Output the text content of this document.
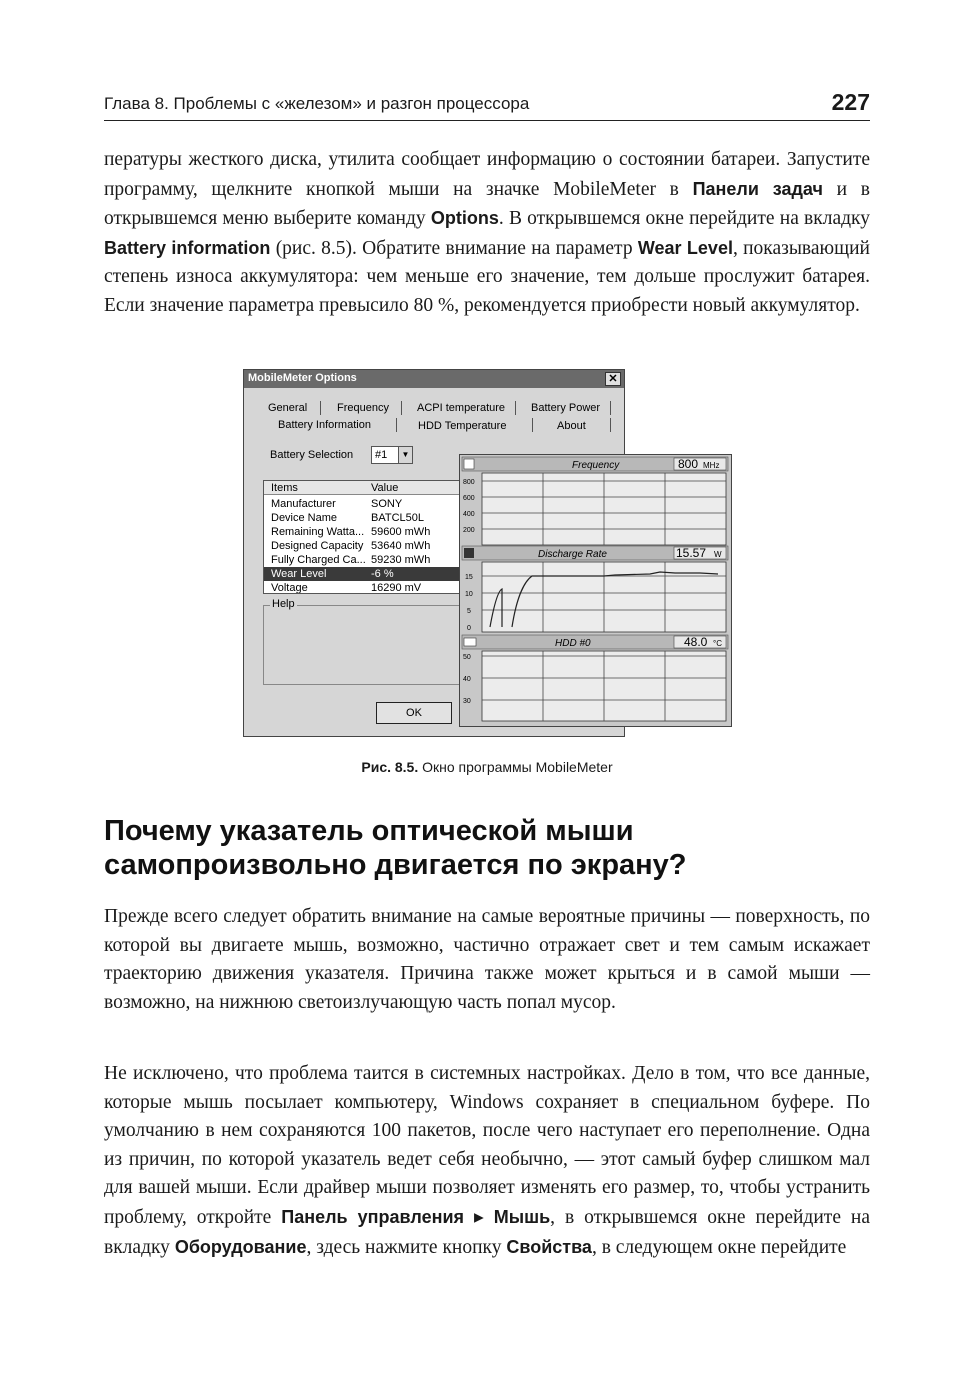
Глава 8. Проблемы с «железом» и разгон процессора	227

пературы жесткого диска, утилита сообщает информацию о состоянии батареи. Запустите программу, щелкните кнопкой мыши на значке MobileMeter в Панели задач и в открывшемся меню выберите команду Options. В открывшемся окне перейдите на вкладку Battery information (рис. 8.5). Обратите внимание на параметр Wear Level, показывающий степень износа аккумулятора: чем меньше его значение, тем дольше прослужит батарея. Если значение параметра превысило 80 %, рекомендуется приобрести новый аккумулятор.

MobileMeter Options	✕
General	Frequency	ACPI temperature Battery Power
Battery Information	HDD Temperature	About
Battery Selection #1	▼
Items	Value
Manufacturer	SONY
Device Name	BATCL50L
Remaining Watta... 59600 mWh
Designed Capacity 53640 mWh
Fully Charged Ca... 59230 mWh
Wear Level	-6 %
Voltage	16290 mV
Help
OK
Frequency	800 MHz
800
600
400
200
Discharge Rate	15.57 W
15
10
5
0
HDD #0	48.0 °C
50
40
30
Рис. 8.5. Окно программы MobileMeter
Почему указатель оптической мыши самопроизвольно двигается по экрану?

Прежде всего следует обратить внимание на самые вероятные причины — поверхность, по которой вы двигаете мышь, возможно, частично отражает свет и тем самым искажает траекторию движения указателя. Причина также может крыться и в самой мыши — возможно, на нижнюю светоизлучающую часть попал мусор.

Не исключено, что проблема таится в системных настройках. Дело в том, что все данные, которые мышь посылает компьютеру, Windows сохраняет в специальном буфере. По умолчанию в нем сохраняются 100 пакетов, после чего наступает его переполнение. Одна из причин, по которой указатель ведет себя необычно, — этот самый буфер слишком мал для вашей мыши. Если драйвер мыши позволяет изменять его размер, то, чтобы устранить проблему, откройте Панель управления ▸ Мышь, в открывшемся окне перейдите на вкладку Оборудование, здесь нажмите кнопку Свойства, в следующем окне перейдите
